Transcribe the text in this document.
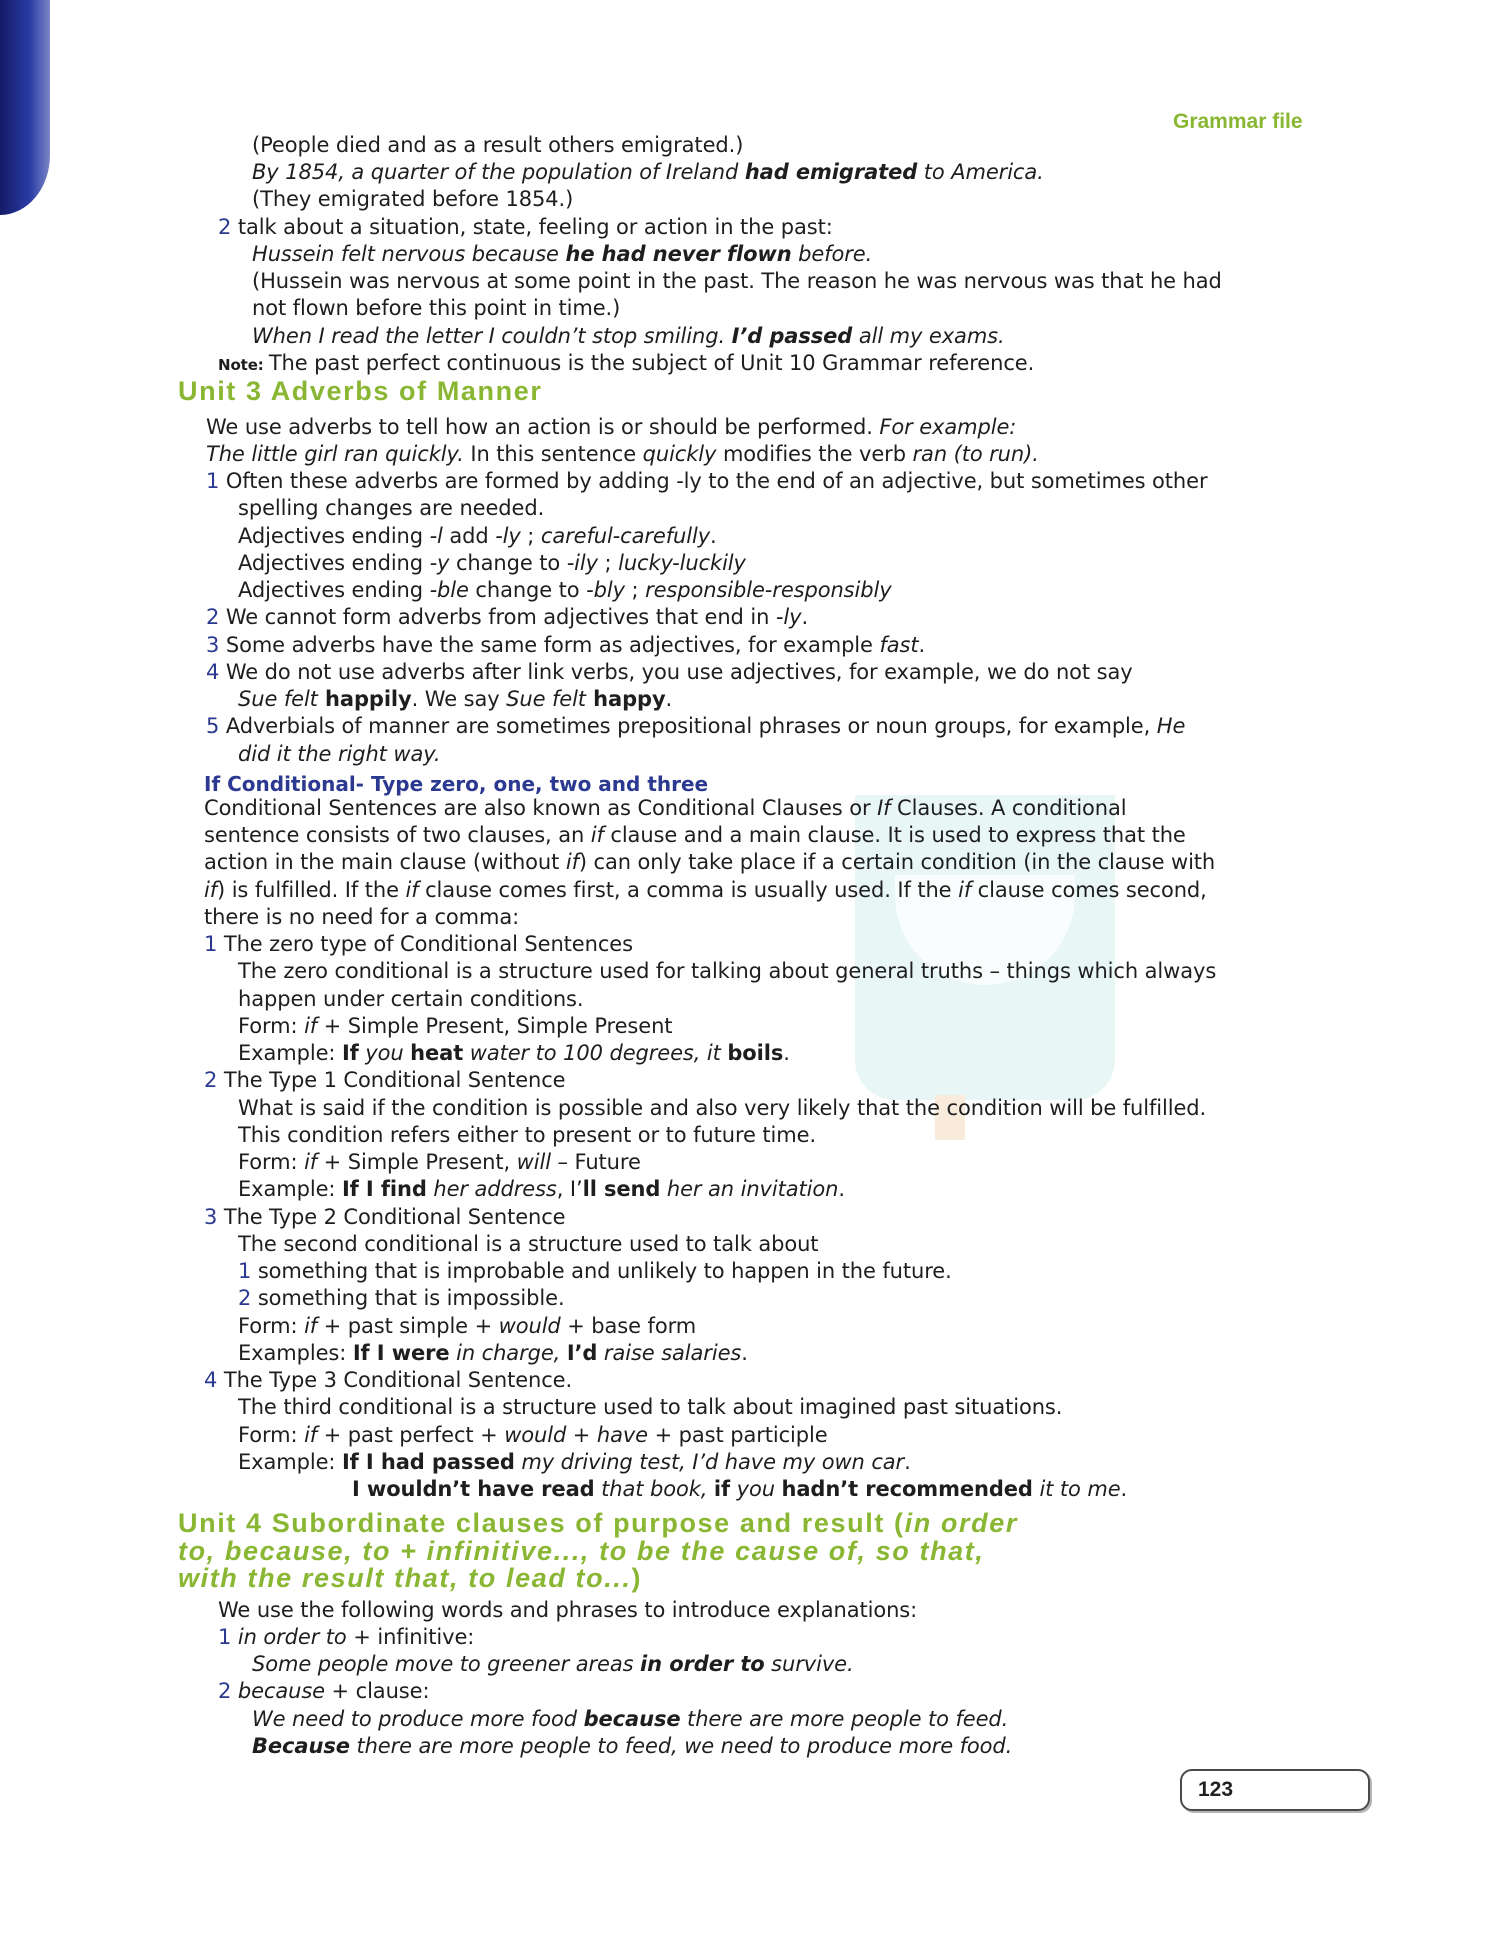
Grammar file
(People died and as a result others emigrated.)
By 1854, a quarter of the population of Ireland had emigrated to America.
(They emigrated before 1854.)
2 talk about a situation, state, feeling or action in the past:
Hussein felt nervous because he had never flown before.
(Hussein was nervous at some point in the past. The reason he was nervous was that he had
not flown before this point in time.)
When I read the letter I couldn’t stop smiling. I’d passed all my exams.
Note: The past perfect continuous is the subject of Unit 10 Grammar reference.
Unit 3 Adverbs of Manner
We use adverbs to tell how an action is or should be performed. For example:
The little girl ran quickly. In this sentence quickly modifies the verb ran (to run).
1 Often these adverbs are formed by adding -ly to the end of an adjective, but sometimes other
spelling changes are needed.
Adjectives ending -l add -ly ; careful-carefully.
Adjectives ending -y change to -ily ; lucky-luckily
Adjectives ending -ble change to -bly ; responsible-responsibly
2 We cannot form adverbs from adjectives that end in -ly.
3 Some adverbs have the same form as adjectives, for example fast.
4 We do not use adverbs after link verbs, you use adjectives, for example, we do not say
Sue felt happily. We say Sue felt happy.
5 Adverbials of manner are sometimes prepositional phrases or noun groups, for example, He
did it the right way.
If Conditional- Type zero, one, two and three
Conditional Sentences are also known as Conditional Clauses or If Clauses. A conditional
sentence consists of two clauses, an if clause and a main clause. It is used to express that the
action in the main clause (without if) can only take place if a certain condition (in the clause with
if) is fulfilled. If the if clause comes first, a comma is usually used. If the if clause comes second,
there is no need for a comma:
1 The zero type of Conditional Sentences
The zero conditional is a structure used for talking about general truths – things which always
happen under certain conditions.
Form: if + Simple Present, Simple Present
Example: If you heat water to 100 degrees, it boils.
2 The Type 1 Conditional Sentence
What is said if the condition is possible and also very likely that the condition will be fulfilled.
This condition refers either to present or to future time.
Form: if + Simple Present, will – Future
Example: If I find her address, I’ll send her an invitation.
3 The Type 2 Conditional Sentence
The second conditional is a structure used to talk about
1 something that is improbable and unlikely to happen in the future.
2 something that is impossible.
Form: if + past simple + would + base form
Examples: If I were in charge, I’d raise salaries.
4 The Type 3 Conditional Sentence.
The third conditional is a structure used to talk about imagined past situations.
Form: if + past perfect + would + have + past participle
Example: If I had passed my driving test, I’d have my own car.
I wouldn’t have read that book, if you hadn’t recommended it to me.
Unit 4 Subordinate clauses of purpose and result (in order
to, because, to + infinitive..., to be the cause of, so that,
with the result that, to lead to...)
We use the following words and phrases to introduce explanations:
1 in order to + infinitive:
Some people move to greener areas in order to survive.
2 because + clause:
We need to produce more food because there are more people to feed.
Because there are more people to feed, we need to produce more food.
123
